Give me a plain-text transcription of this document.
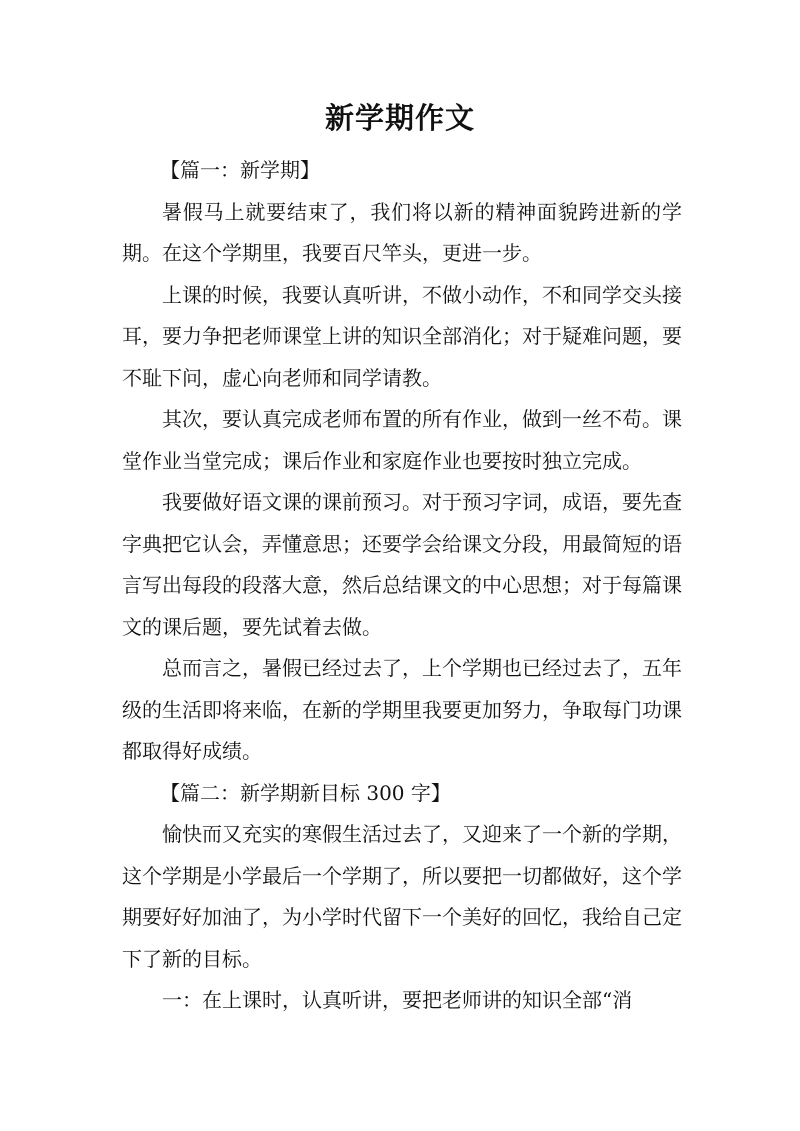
新学期作文

【篇一：新学期】

暑假马上就要结束了，我们将以新的精神面貌跨进新的学期。在这个学期里，我要百尺竿头，更进一步。

上课的时候，我要认真听讲，不做小动作，不和同学交头接耳，要力争把老师课堂上讲的知识全部消化；对于疑难问题，要不耻下问，虚心向老师和同学请教。

其次，要认真完成老师布置的所有作业，做到一丝不苟。课堂作业当堂完成；课后作业和家庭作业也要按时独立完成。

我要做好语文课的课前预习。对于预习字词，成语，要先查字典把它认会，弄懂意思；还要学会给课文分段，用最简短的语言写出每段的段落大意，然后总结课文的中心思想；对于每篇课文的课后题，要先试着去做。

总而言之，暑假已经过去了，上个学期也已经过去了，五年级的生活即将来临，在新的学期里我要更加努力，争取每门功课都取得好成绩。

【篇二：新学期新目标 300 字】

愉快而又充实的寒假生活过去了，又迎来了一个新的学期，这个学期是小学最后一个学期了，所以要把一切都做好，这个学期要好好加油了，为小学时代留下一个美好的回忆，我给自己定下了新的目标。

一：在上课时，认真听讲，要把老师讲的知识全部“消
